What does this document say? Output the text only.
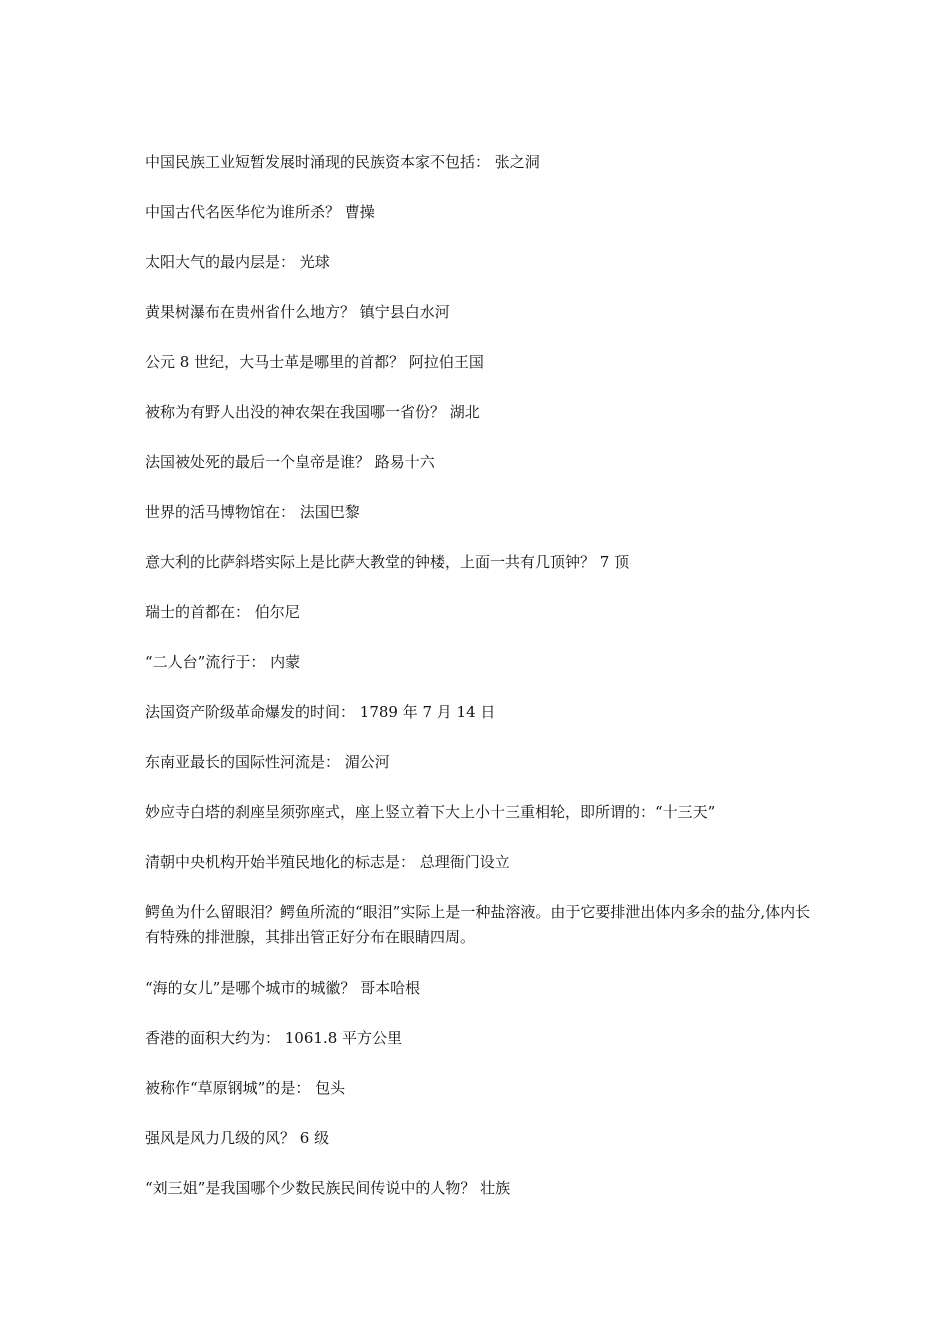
中国民族工业短暂发展时涌现的民族资本家不包括： 张之洞

中国古代名医华佗为谁所杀？ 曹操

太阳大气的最内层是： 光球

黄果树瀑布在贵州省什么地方？ 镇宁县白水河

公元 8 世纪，大马士革是哪里的首都？ 阿拉伯王国

被称为有野人出没的神农架在我国哪一省份？ 湖北

法国被处死的最后一个皇帝是谁？ 路易十六

世界的活马博物馆在： 法国巴黎

意大利的比萨斜塔实际上是比萨大教堂的钟楼，上面一共有几顶钟？ 7 顶

瑞士的首都在： 伯尔尼

“二人台”流行于： 内蒙

法国资产阶级革命爆发的时间： 1789 年 7 月 14 日

东南亚最长的国际性河流是： 湄公河

妙应寺白塔的刹座呈须弥座式，座上竖立着下大上小十三重相轮，即所谓的：“十三天”

清朝中央机构开始半殖民地化的标志是： 总理衙门设立

鳄鱼为什么留眼泪？鳄鱼所流的“眼泪”实际上是一种盐溶液。由于它要排泄出体内多余的盐分,体内长有特殊的排泄腺，其排出管正好分布在眼睛四周。

“海的女儿”是哪个城市的城徽？ 哥本哈根

香港的面积大约为： 1061.8 平方公里

被称作“草原钢城”的是： 包头

强风是风力几级的风？ 6 级

“刘三姐”是我国哪个少数民族民间传说中的人物？ 壮族
